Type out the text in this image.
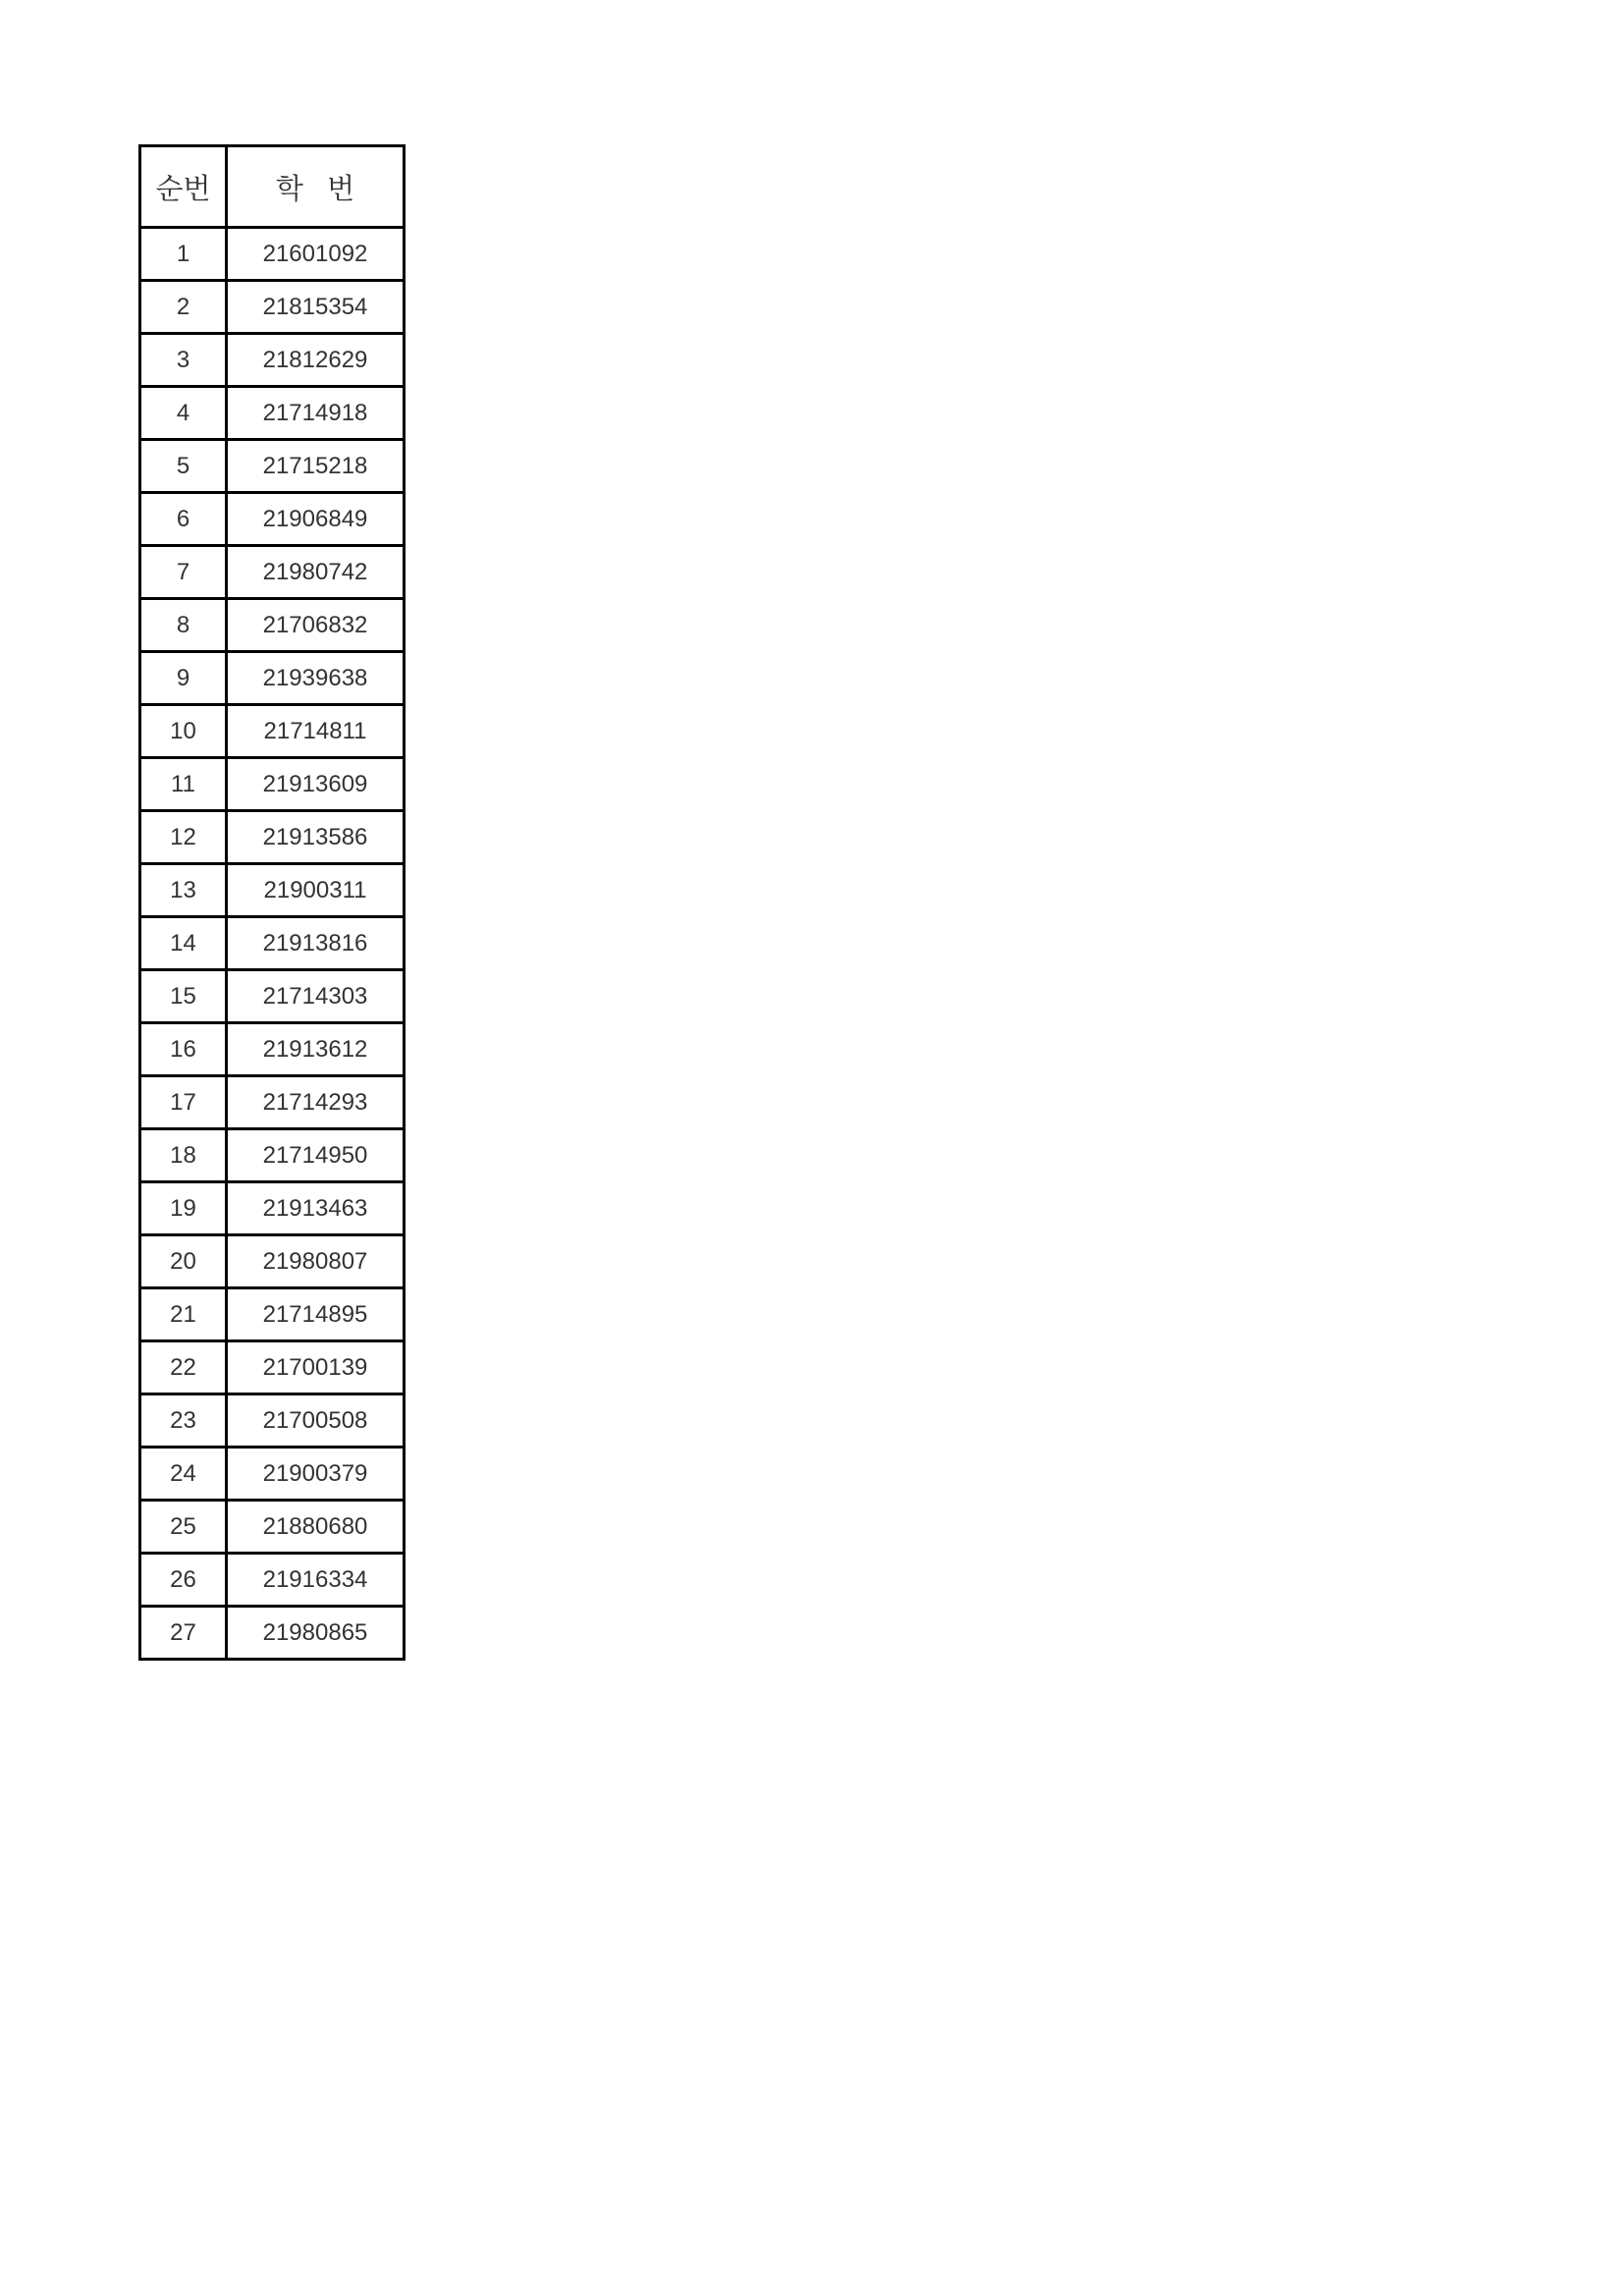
순번	학   번
1	21601092
2	21815354
3	21812629
4	21714918
5	21715218
6	21906849
7	21980742
8	21706832
9	21939638
10	21714811
11	21913609
12	21913586
13	21900311
14	21913816
15	21714303
16	21913612
17	21714293
18	21714950
19	21913463
20	21980807
21	21714895
22	21700139
23	21700508
24	21900379
25	21880680
26	21916334
27	21980865
